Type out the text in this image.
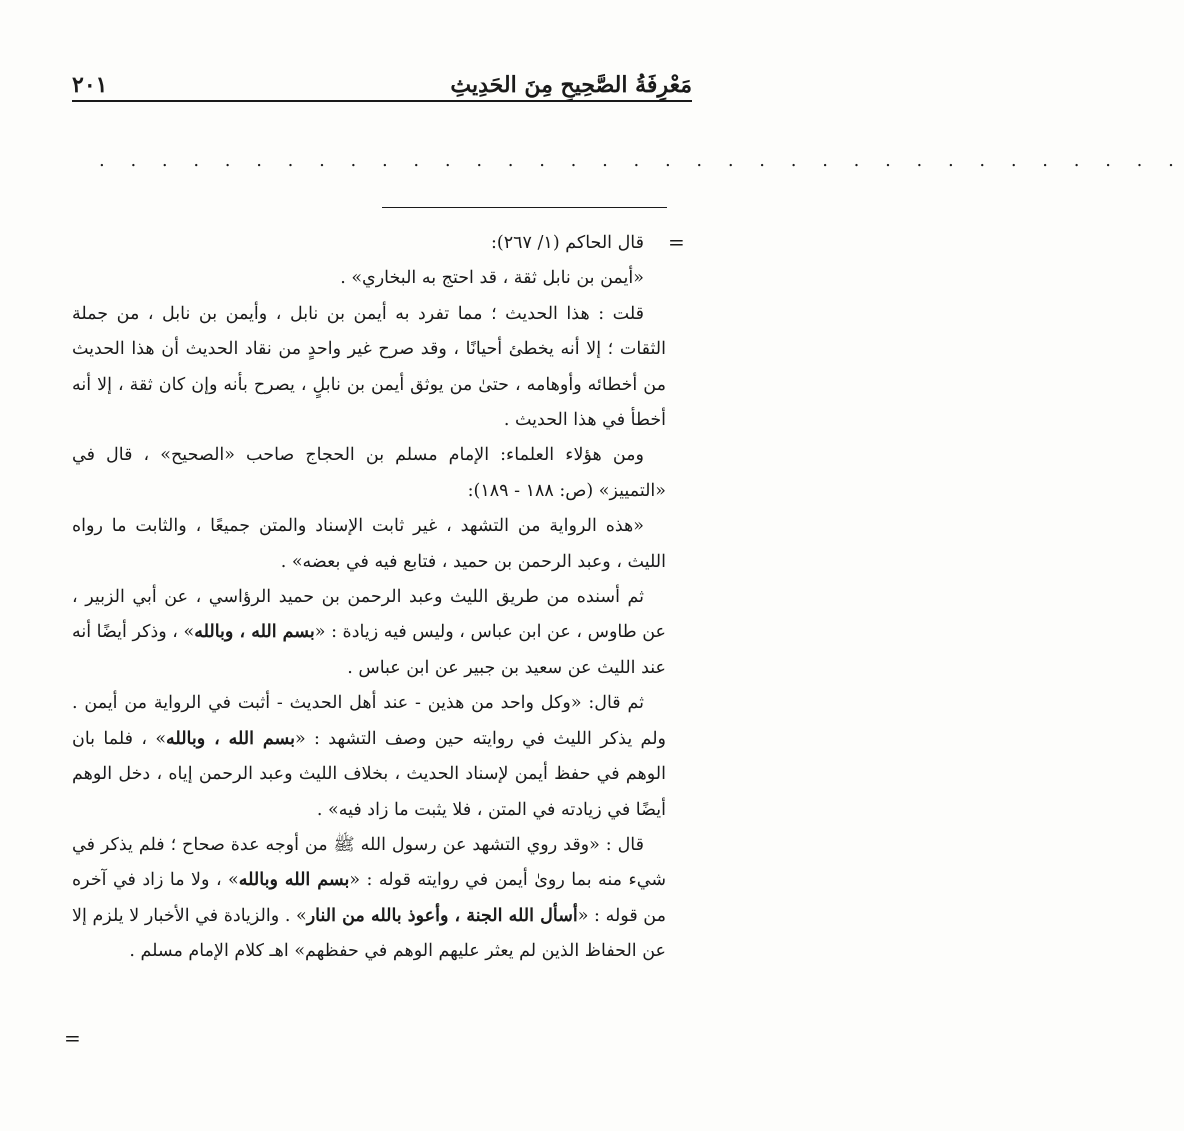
مَعْرِفَةُ الصَّحِيحِ مِنَ الحَدِيثِ
٢٠١
. . . . . . . . . . . . . . . . . . . . . . . . . . . . . . . . . . .
=
=

قال الحاكم (١/ ٢٦٧):

«أيمن بن نابل ثقة ، قد احتج به البخاري» .

قلت : هذا الحديث ؛ مما تفرد به أيمن بن نابل ، وأيمن بن نابل ، من جملة الثقات ؛ إلا أنه يخطئ أحيانًا ، وقد صرح غير واحدٍ من نقاد الحديث أن هذا الحديث من أخطائه وأوهامه ، حتىٰ من يوثق أيمن بن نابلٍ ، يصرح بأنه وإن كان ثقة ، إلا أنه أخطأ في هذا الحديث .

ومن هؤلاء العلماء: الإمام مسلم بن الحجاج صاحب «الصحيح» ، قال في «التمييز» (ص: ١٨٨ - ١٨٩):

«هذه الرواية من التشهد ، غير ثابت الإسناد والمتن جميعًا ، والثابت ما رواه الليث ، وعبد الرحمن بن حميد ، فتابع فيه في بعضه» .

ثم أسنده من طريق الليث وعبد الرحمن بن حميد الرؤاسي ، عن أبي الزبير ، عن طاوس ، عن ابن عباس ، وليس فيه زيادة : «بسم الله ، وبالله» ، وذكر أيضًا أنه عند الليث عن سعيد بن جبير عن ابن عباس .

ثم قال: «وكل واحد من هذين - عند أهل الحديث - أثبت في الرواية من أيمن . ولم يذكر الليث في روايته حين وصف التشهد : «بسم الله ، وبالله» ، فلما بان الوهم في حفظ أيمن لإسناد الحديث ، بخلاف الليث وعبد الرحمن إياه ، دخل الوهم أيضًا في زيادته في المتن ، فلا يثبت ما زاد فيه» .

قال : «وقد روي التشهد عن رسول الله ﷺ من أوجه عدة صحاح ؛ فلم يذكر في شيء منه بما روىٰ أيمن في روايته قوله : «بسم الله وبالله» ، ولا ما زاد في آخره من قوله : «أسأل الله الجنة ، وأعوذ بالله من النار» . والزيادة في الأخبار لا يلزم إلا عن الحفاظ الذين لم يعثر عليهم الوهم في حفظهم» اهـ كلام الإمام مسلم .
